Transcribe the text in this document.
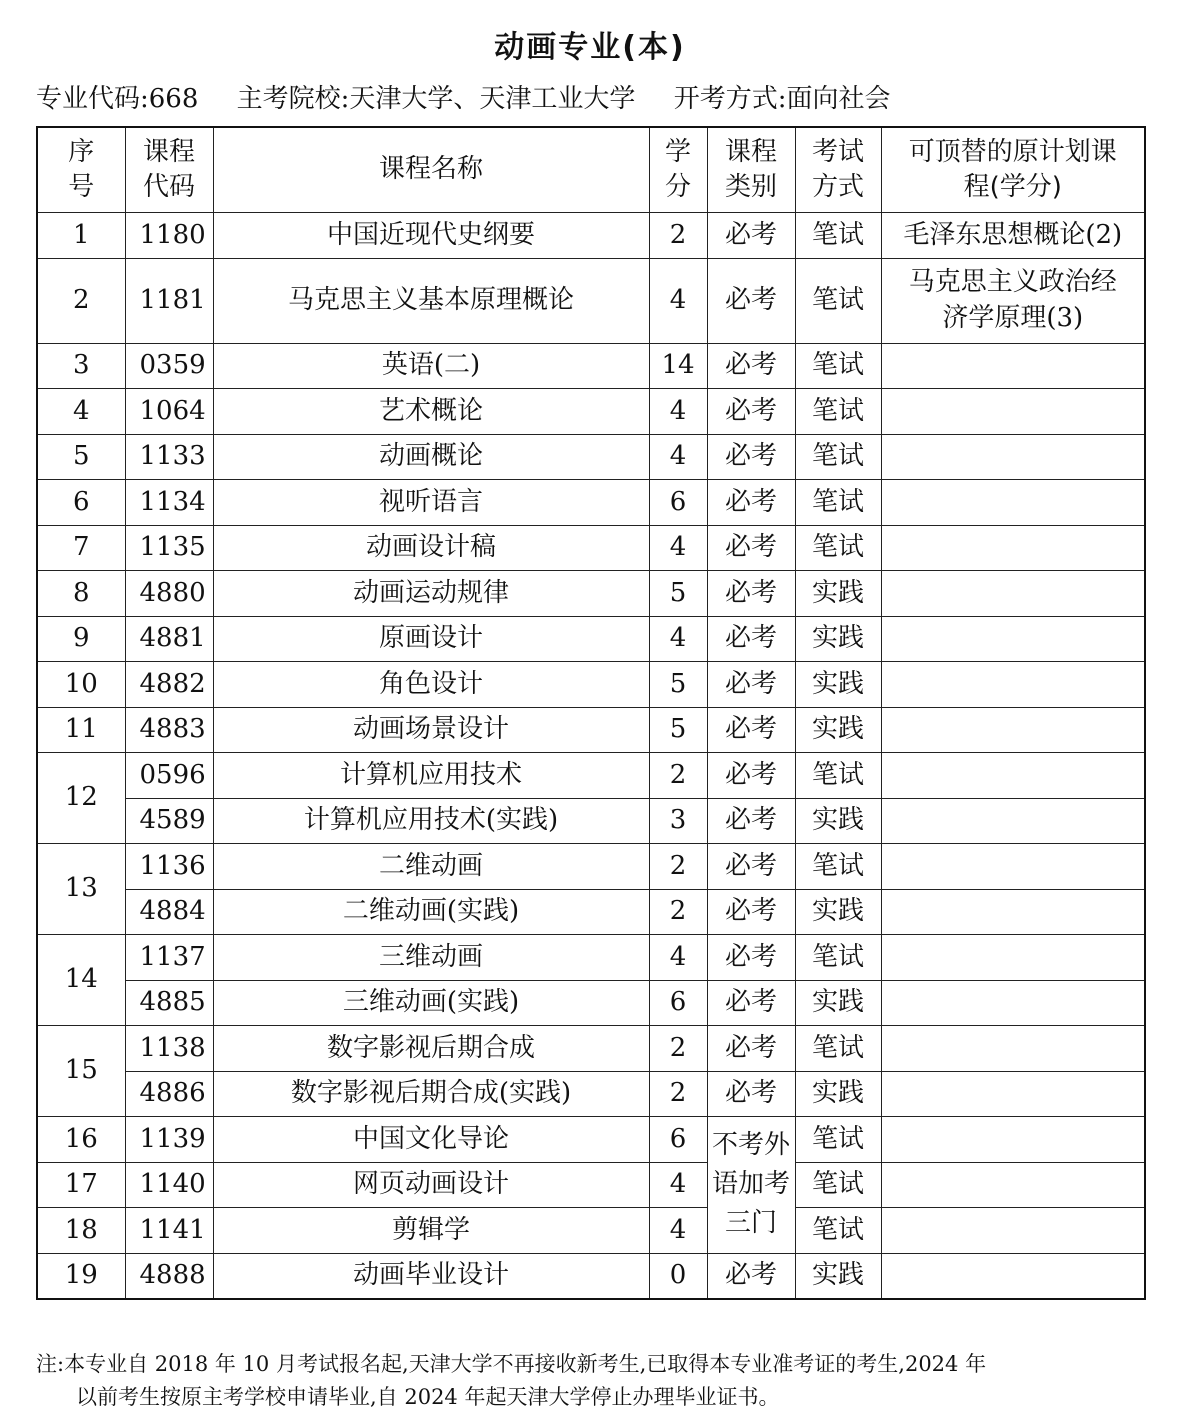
动画专业(本)
专业代码:668 主考院校:天津大学、天津工业大学 开考方式:面向社会
序号	课程代码	课程名称	学分	课程类别	考试方式	可顶替的原计划课程(学分)
1	1180	中国近现代史纲要	2	必考	笔试	毛泽东思想概论(2)
2	1181	马克思主义基本原理概论	4	必考	笔试	马克思主义政治经济学原理(3)
3	0359	英语(二)	14	必考	笔试	
4	1064	艺术概论	4	必考	笔试	
5	1133	动画概论	4	必考	笔试	
6	1134	视听语言	6	必考	笔试	
7	1135	动画设计稿	4	必考	笔试	
8	4880	动画运动规律	5	必考	实践	
9	4881	原画设计	4	必考	实践	
10	4882	角色设计	5	必考	实践	
11	4883	动画场景设计	5	必考	实践	
12	0596	计算机应用技术	2	必考	笔试	
	4589	计算机应用技术(实践)	3	必考	实践	
13	1136	二维动画	2	必考	笔试	
	4884	二维动画(实践)	2	必考	实践	
14	1137	三维动画	4	必考	笔试	
	4885	三维动画(实践)	6	必考	实践	
15	1138	数字影视后期合成	2	必考	笔试	
	4886	数字影视后期合成(实践)	2	必考	实践	
16	1139	中国文化导论	6	不考外语加考三门	笔试	
17	1140	网页动画设计	4		笔试	
18	1141	剪辑学	4		笔试	
19	4888	动画毕业设计	0	必考	实践	
注:本专业自 2018 年 10 月考试报名起,天津大学不再接收新考生,已取得本专业准考证的考生,2024 年
以前考生按原主考学校申请毕业,自 2024 年起天津大学停止办理毕业证书。
